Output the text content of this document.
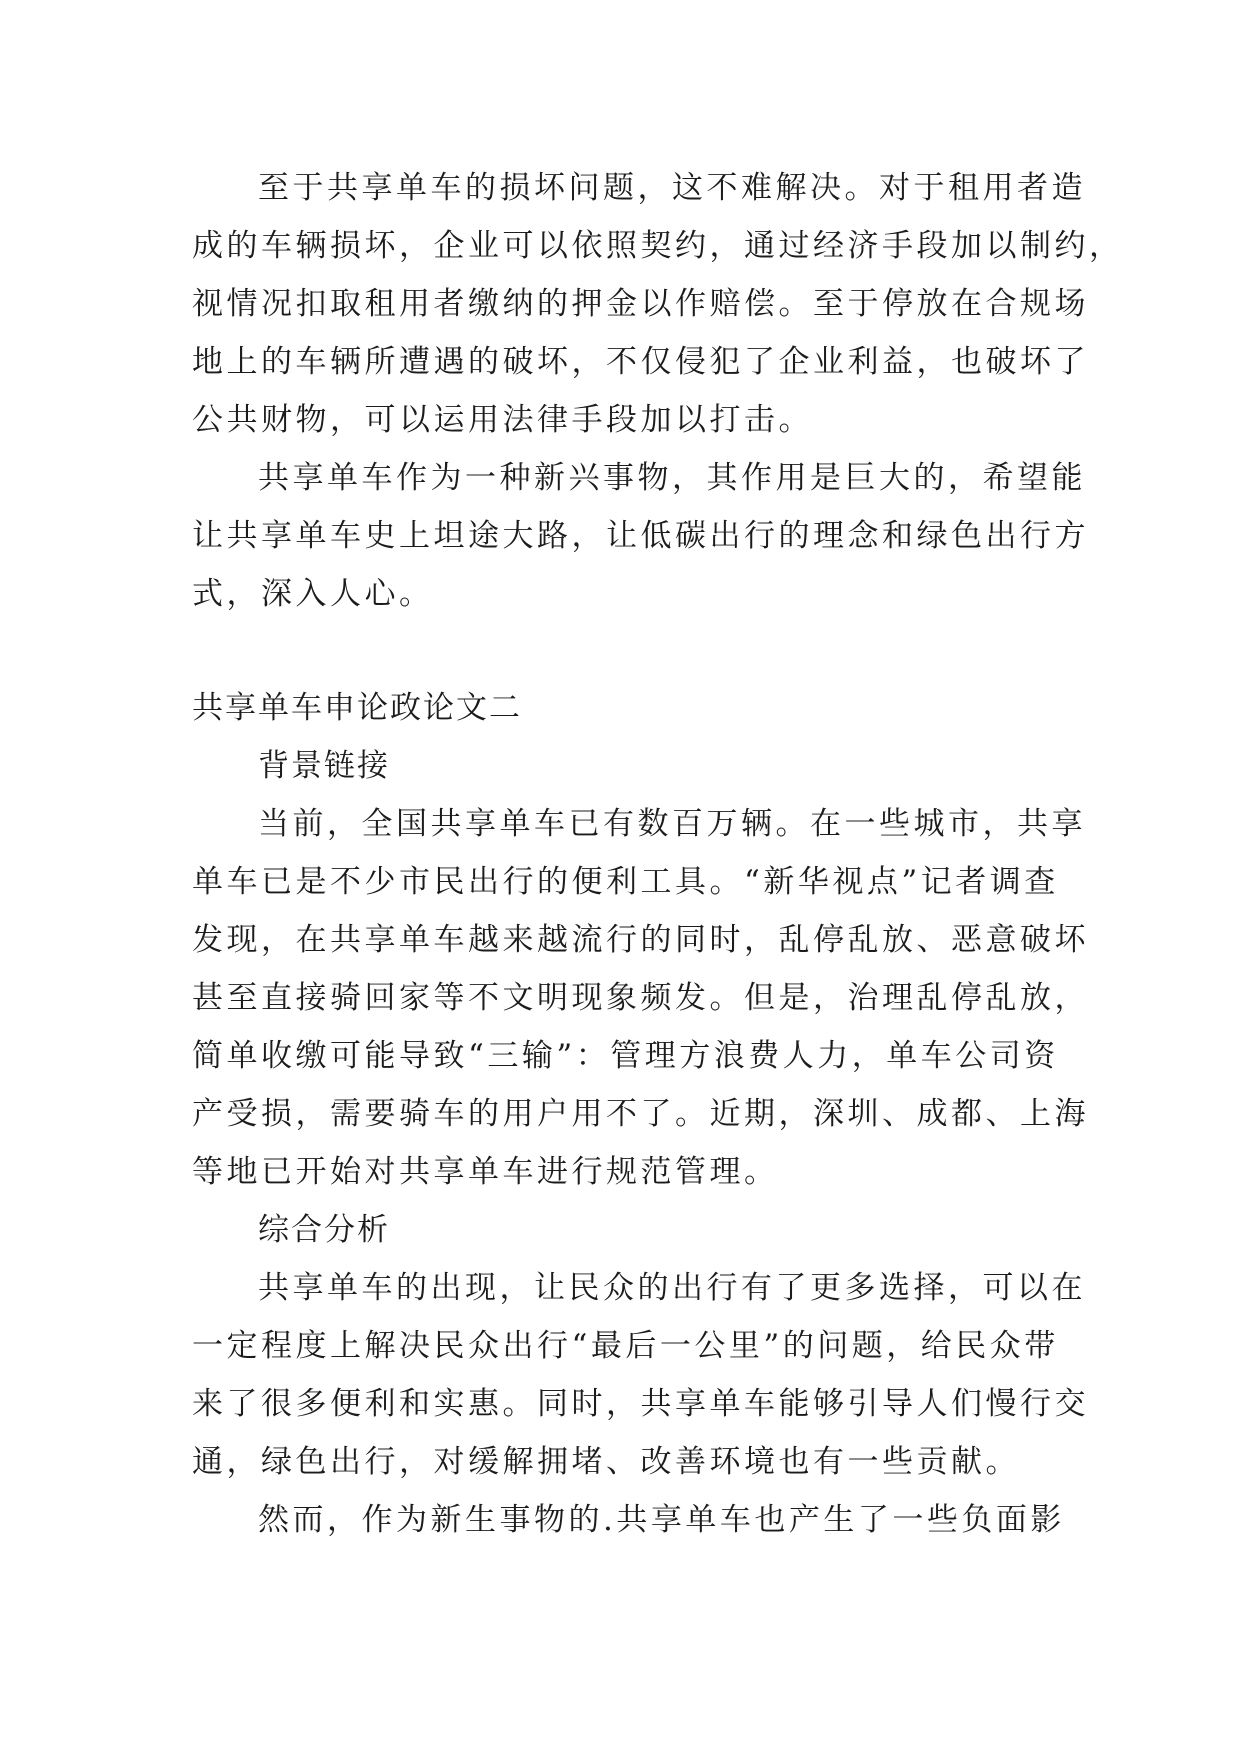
至于共享单车的损坏问题，这不难解决。对于租用者造

成的车辆损坏，企业可以依照契约，通过经济手段加以制约，

视情况扣取租用者缴纳的押金以作赔偿。至于停放在合规场

地上的车辆所遭遇的破坏，不仅侵犯了企业利益，也破坏了

公共财物，可以运用法律手段加以打击。

共享单车作为一种新兴事物，其作用是巨大的，希望能

让共享单车史上坦途大路，让低碳出行的理念和绿色出行方

式，深入人心。

共享单车申论政论文二

背景链接

当前，全国共享单车已有数百万辆。在一些城市，共享

单车已是不少市民出行的便利工具。“新华视点”记者调查

发现，在共享单车越来越流行的同时，乱停乱放、恶意破坏

甚至直接骑回家等不文明现象频发。但是，治理乱停乱放，

简单收缴可能导致“三输”：管理方浪费人力，单车公司资

产受损，需要骑车的用户用不了。近期，深圳、成都、上海

等地已开始对共享单车进行规范管理。

综合分析

共享单车的出现，让民众的出行有了更多选择，可以在

一定程度上解决民众出行“最后一公里”的问题，给民众带

来了很多便利和实惠。同时，共享单车能够引导人们慢行交

通，绿色出行，对缓解拥堵、改善环境也有一些贡献。

然而，作为新生事物的.共享单车也产生了一些负面影
